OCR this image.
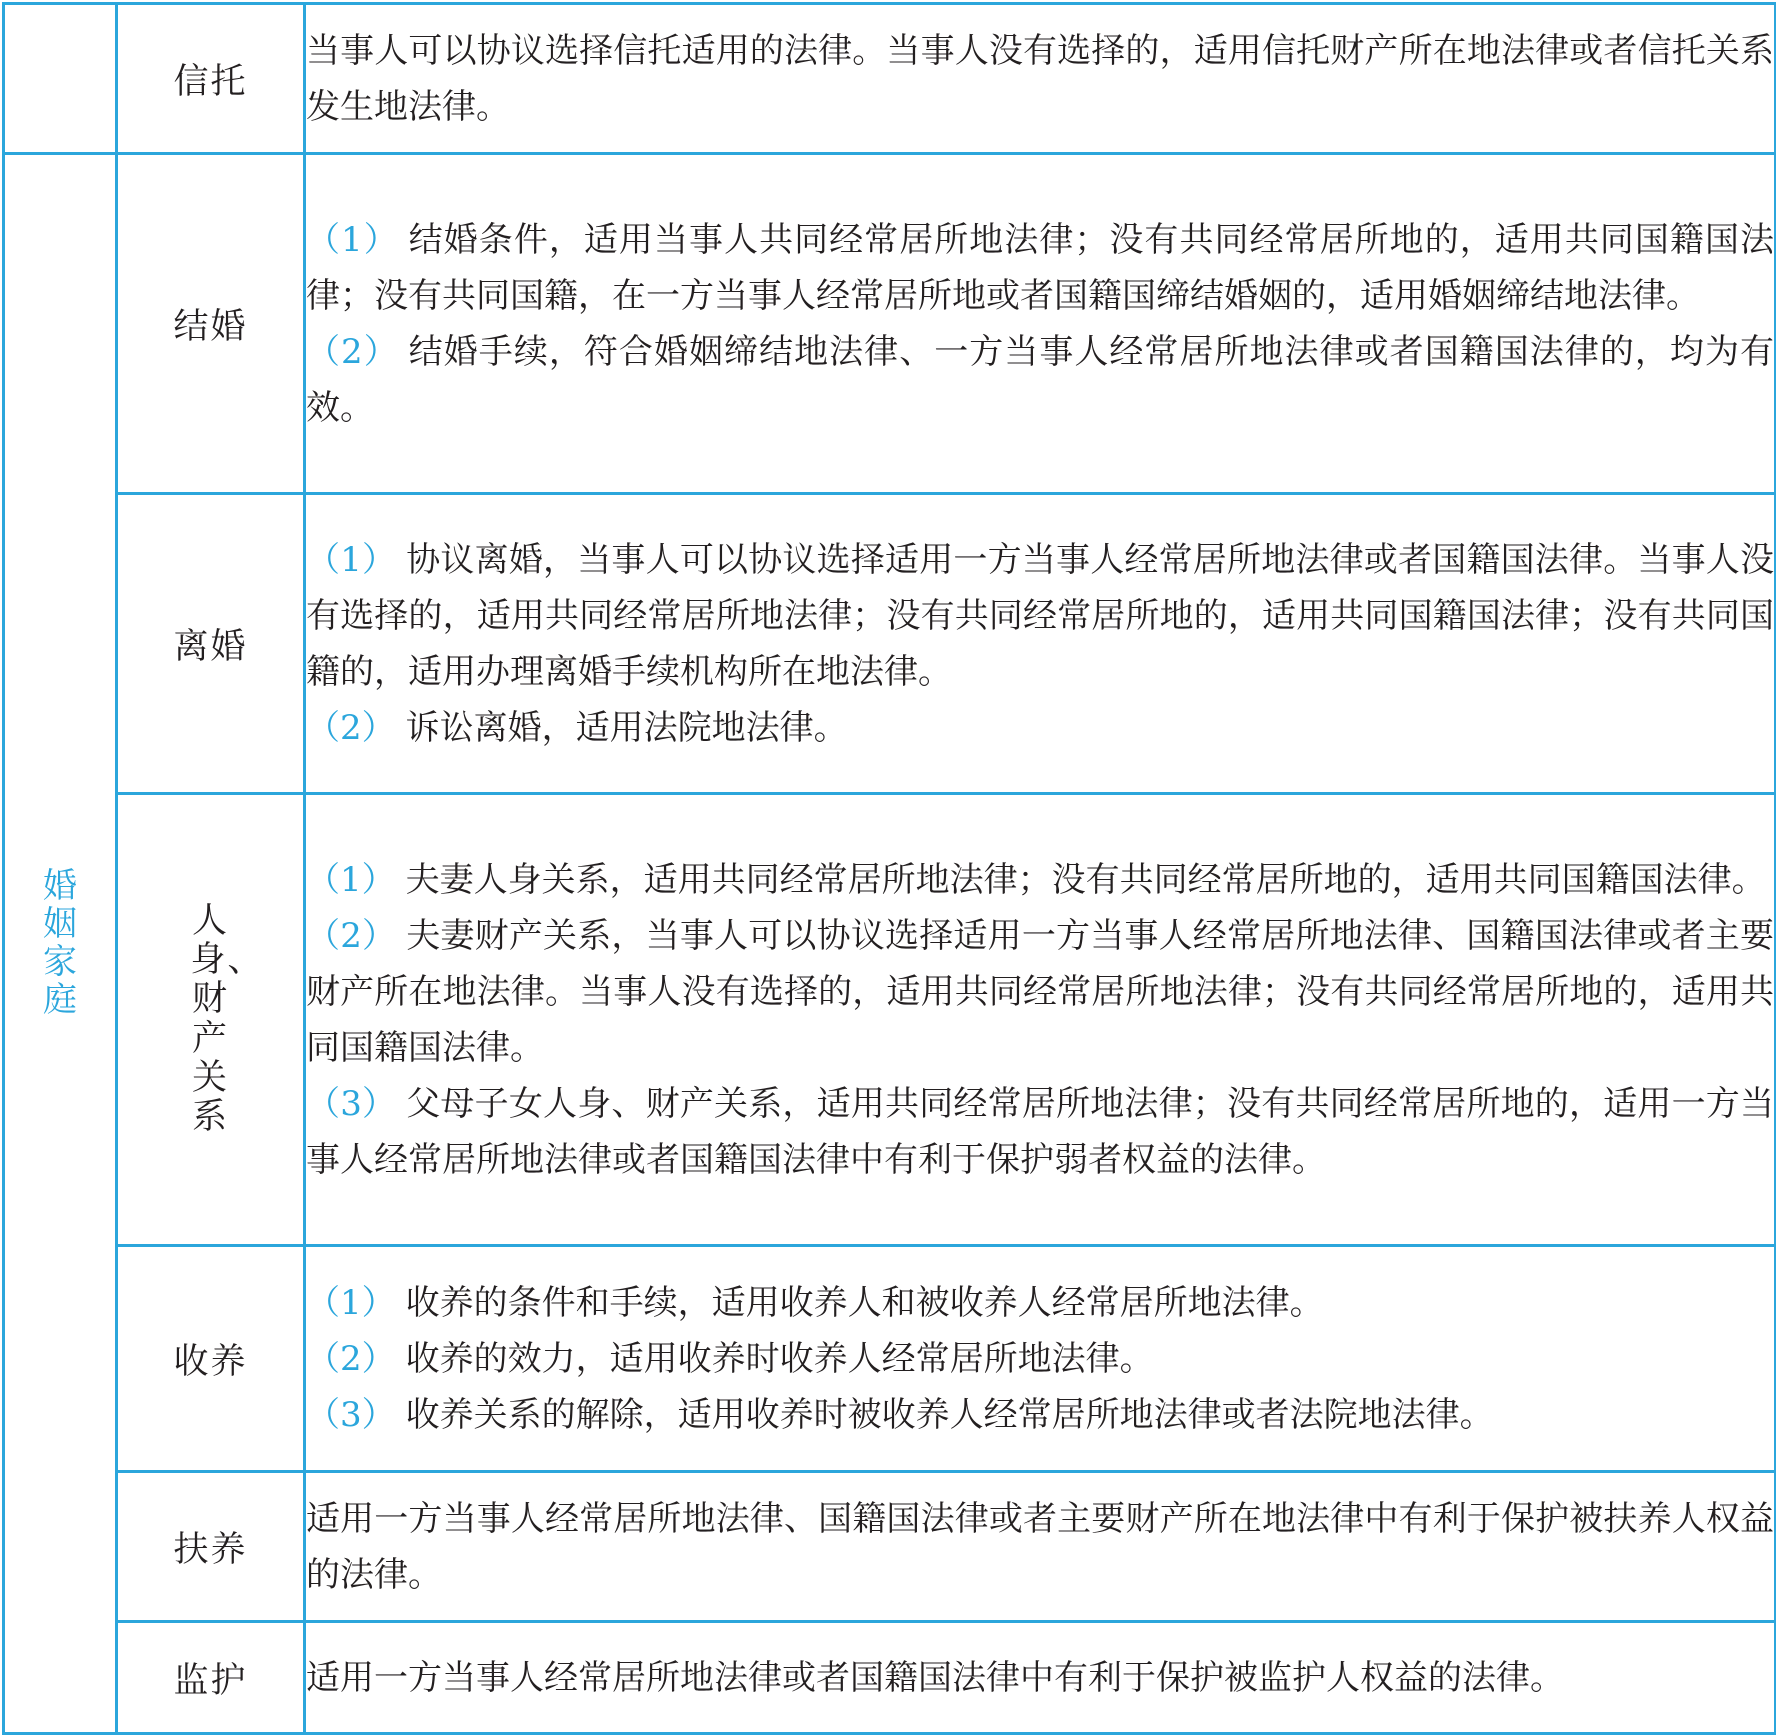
	信托	当事人可以协议选择信托适用的法律。当事人没有选择的，适用信托财产所在地法律或者信托关系发生地法律。

婚姻家庭	结婚	（1） 结婚条件，适用当事人共同经常居所地法律；没有共同经常居所地的，适用共同国籍国法律；没有共同国籍，在一方当事人经常居所地或者国籍国缔结婚姻的，适用婚姻缔结地法律。

（2） 结婚手续，符合婚姻缔结地法律、一方当事人经常居所地法律或者国籍国法律的，均为有效。

	离婚	（1） 协议离婚，当事人可以协议选择适用一方当事人经常居所地法律或者国籍国法律。当事人没有选择的，适用共同经常居所地法律；没有共同经常居所地的，适用共同国籍国法律；没有共同国籍的，适用办理离婚手续机构所在地法律。

（2） 诉讼离婚，适用法院地法律。

	人身、财产关系	（1） 夫妻人身关系，适用共同经常居所地法律；没有共同经常居所地的，适用共同国籍国法律。

（2） 夫妻财产关系，当事人可以协议选择适用一方当事人经常居所地法律、国籍国法律或者主要财产所在地法律。当事人没有选择的，适用共同经常居所地法律；没有共同经常居所地的，适用共同国籍国法律。

（3） 父母子女人身、财产关系，适用共同经常居所地法律；没有共同经常居所地的，适用一方当事人经常居所地法律或者国籍国法律中有利于保护弱者权益的法律。

	收养	（1） 收养的条件和手续，适用收养人和被收养人经常居所地法律。

（2） 收养的效力，适用收养时收养人经常居所地法律。

（3） 收养关系的解除，适用收养时被收养人经常居所地法律或者法院地法律。

	扶养	适用一方当事人经常居所地法律、国籍国法律或者主要财产所在地法律中有利于保护被扶养人权益的法律。

	监护	适用一方当事人经常居所地法律或者国籍国法律中有利于保护被监护人权益的法律。
